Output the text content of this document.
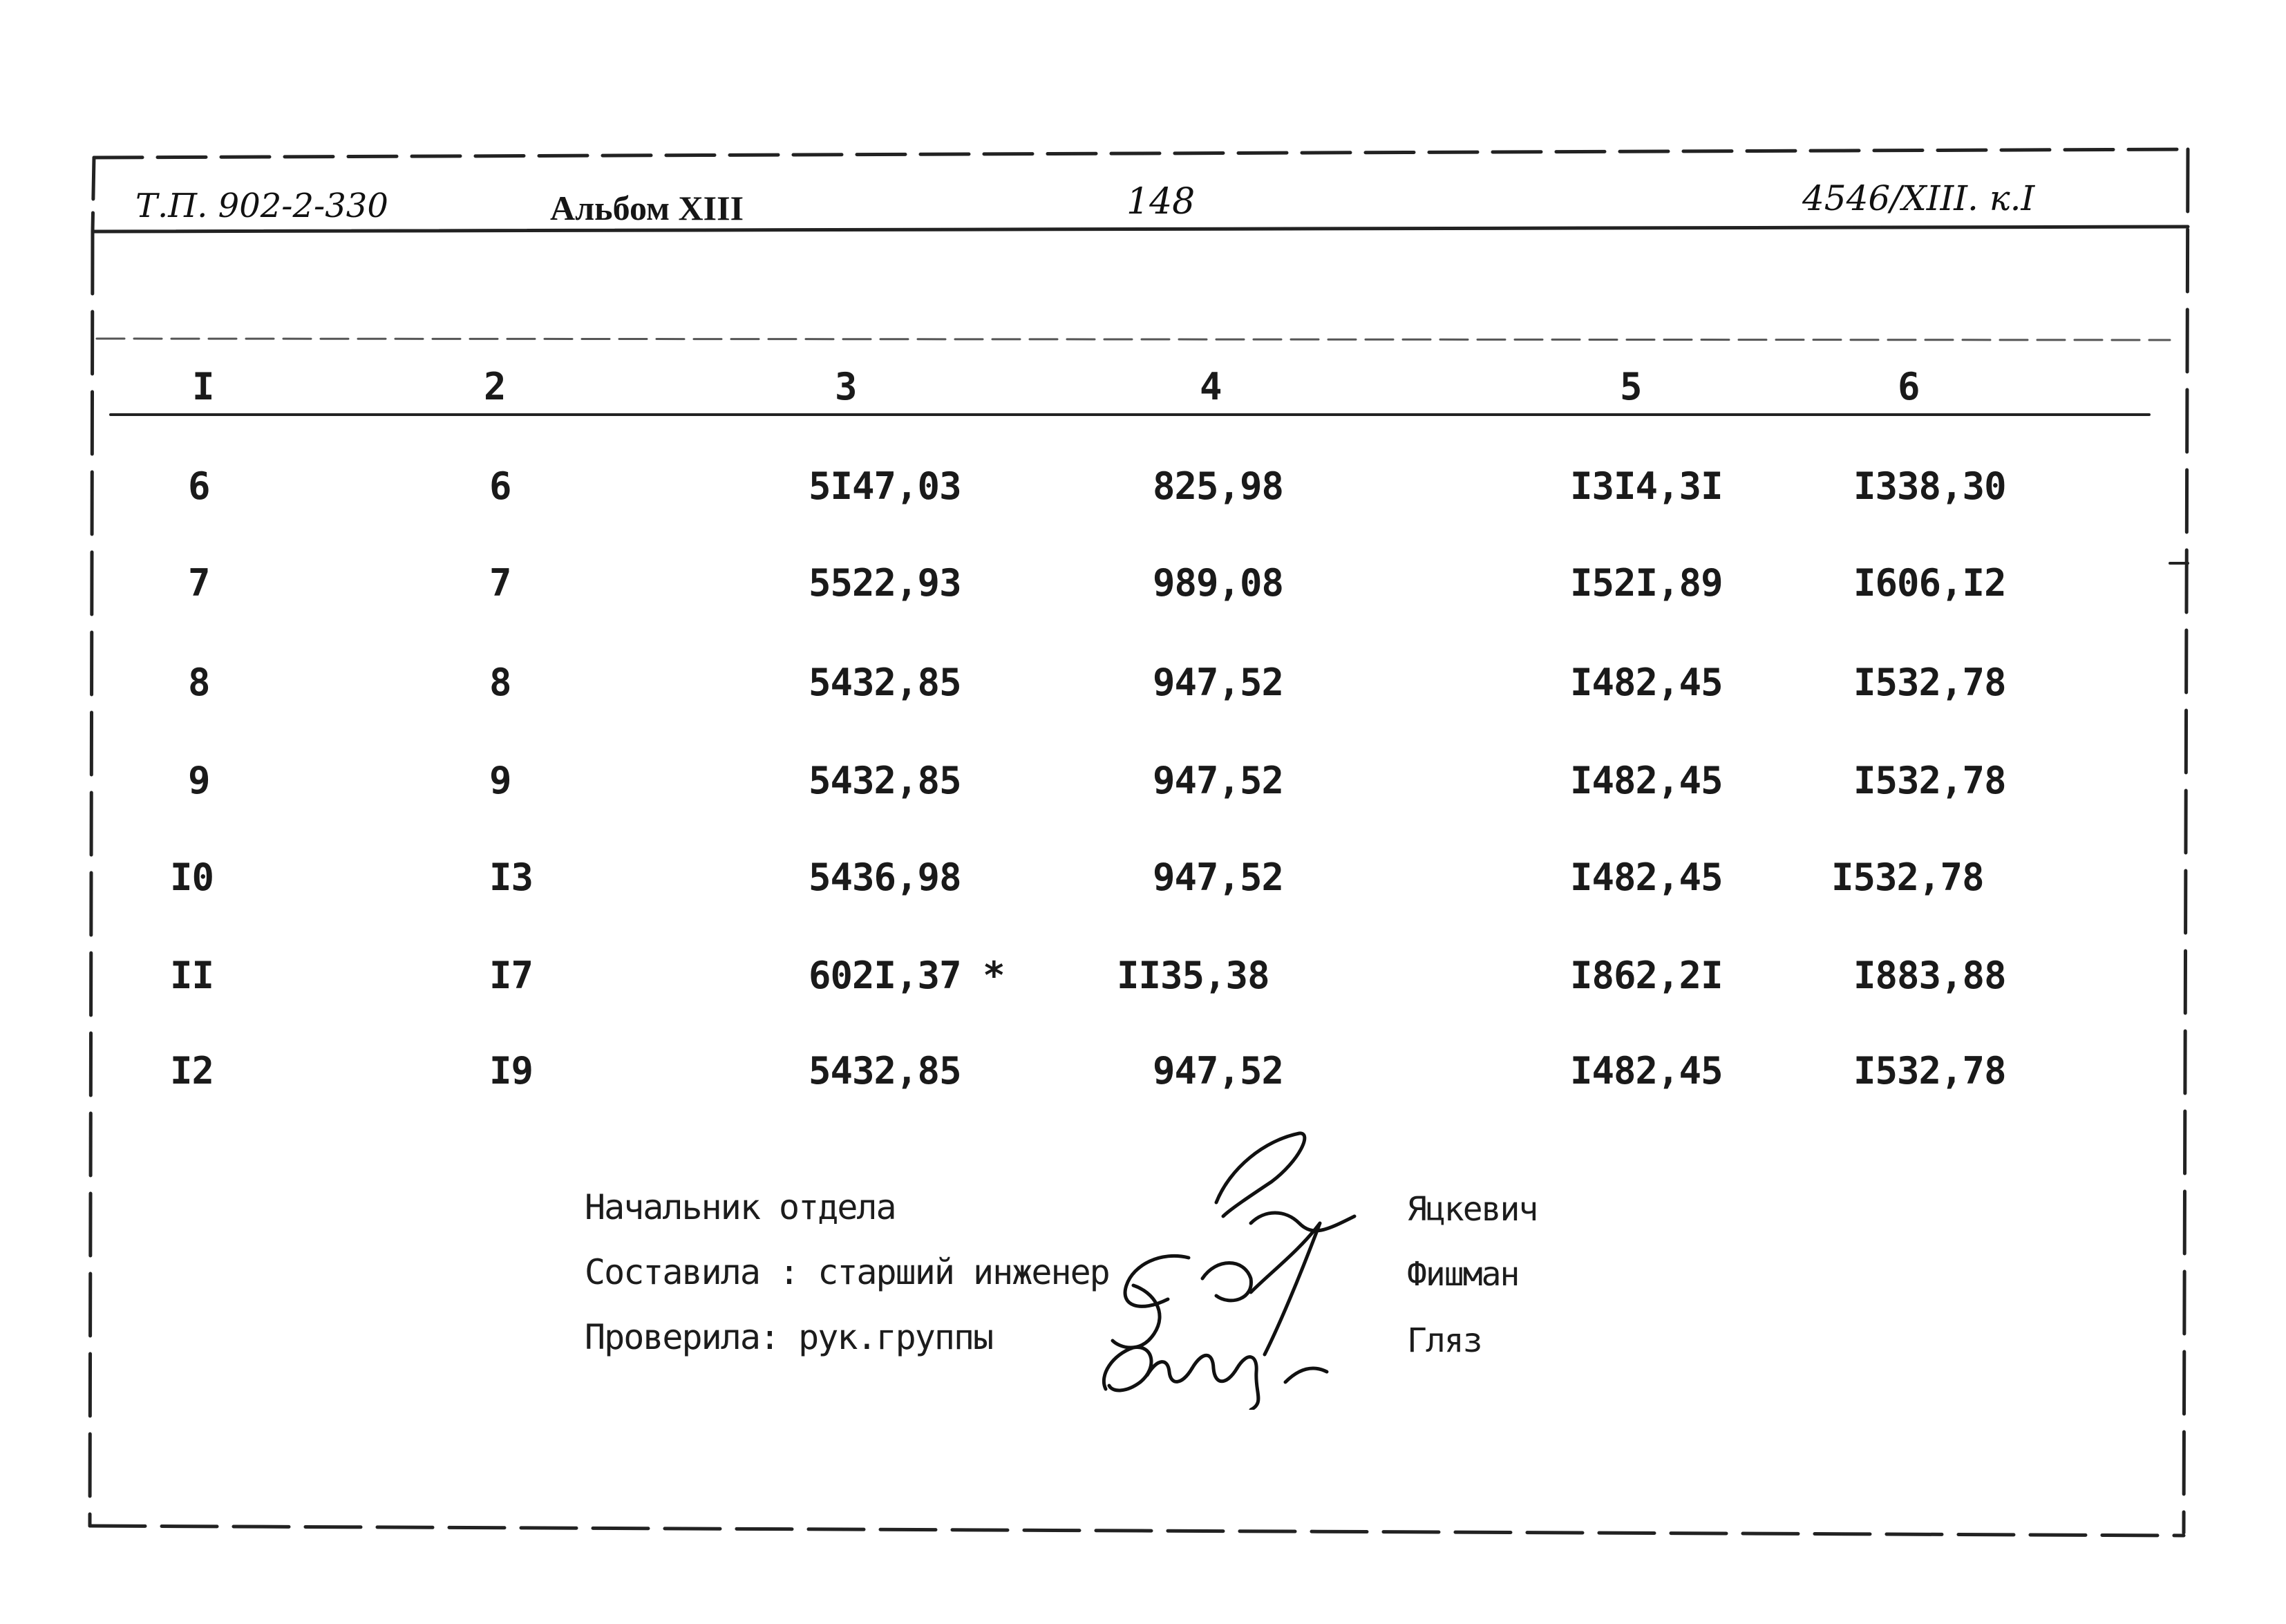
Т.П. 902-2-330	Альбом XIII	148	4546/XIII. к.I
I	2	3	4	5	6
6	6	5I47,03	825,98	I3I4,3I	I338,30
7	7	5522,93	989,08	I52I,89	I606,I2
8	8	5432,85	947,52	I482,45	I532,78
9	9	5432,85	947,52	I482,45	I532,78
I0	I3	5436,98	947,52	I482,45	I532,78
II	I7	602I,37 *	II35,38	I862,2I	I883,88
I2	I9	5432,85	947,52	I482,45	I532,78
Начальник отдела
Составила : старший инженер
Проверила: рук.группы
Яцкевич
Фишман
Гляз
